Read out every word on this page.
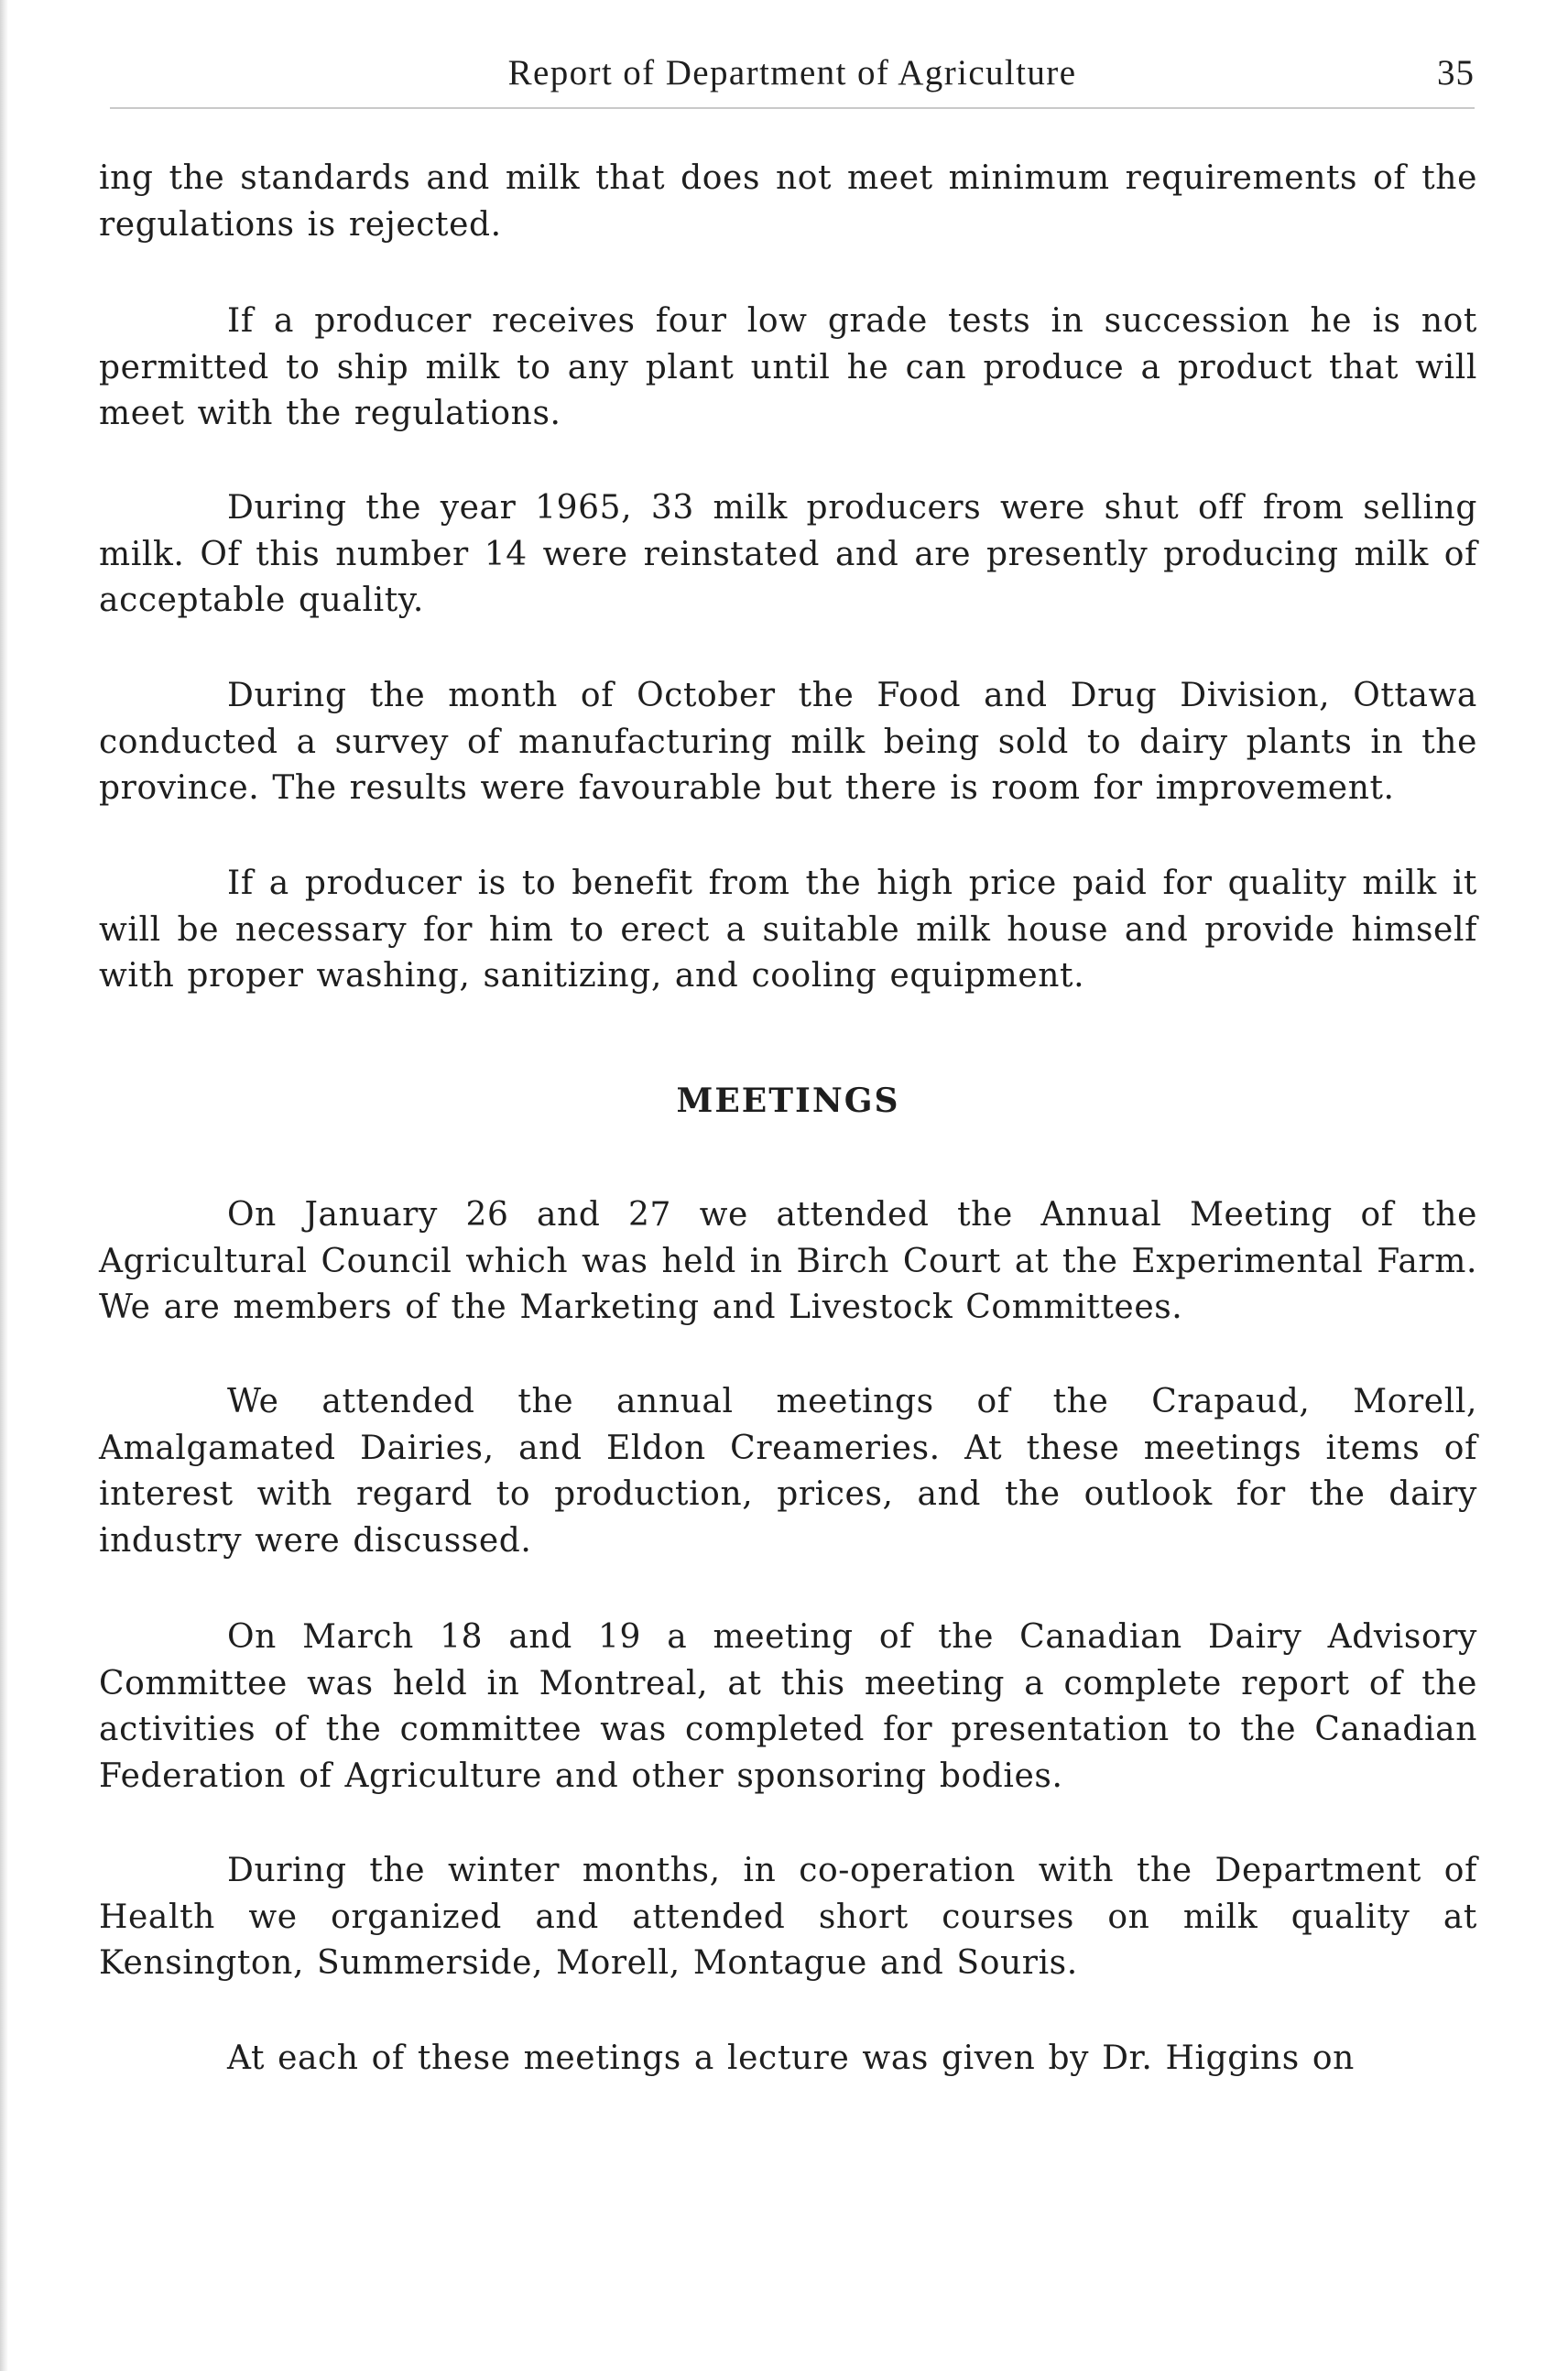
Report of Department of Agriculture	35

ing the standards and milk that does not meet minimum requirements of the regulations is rejected.

If a producer receives four low grade tests in succession he is not permitted to ship milk to any plant until he can produce a product that will meet with the regulations.

During the year 1965, 33 milk producers were shut off from selling milk. Of this number 14 were reinstated and are presently producing milk of acceptable quality.

During the month of October the Food and Drug Division, Ottawa conducted a survey of manufacturing milk being sold to dairy plants in the province. The results were favourable but there is room for improvement.

If a producer is to benefit from the high price paid for quality milk it will be necessary for him to erect a suitable milk house and provide himself with proper washing, sanitizing, and cooling equipment.

MEETINGS

On January 26 and 27 we attended the Annual Meeting of the Agricultural Council which was held in Birch Court at the Experimental Farm. We are members of the Marketing and Livestock Committees.

We attended the annual meetings of the Crapaud, Morell, Amalgamated Dairies, and Eldon Creameries. At these meetings items of interest with regard to production, prices, and the outlook for the dairy industry were discussed.

On March 18 and 19 a meeting of the Canadian Dairy Advisory Committee was held in Montreal, at this meeting a complete report of the activities of the committee was completed for presentation to the Canadian Federation of Agriculture and other sponsoring bodies.

During the winter months, in co-operation with the Department of Health we organized and attended short courses on milk quality at Kensington, Summerside, Morell, Montague and Souris.

At each of these meetings a lecture was given by Dr. Higgins on
